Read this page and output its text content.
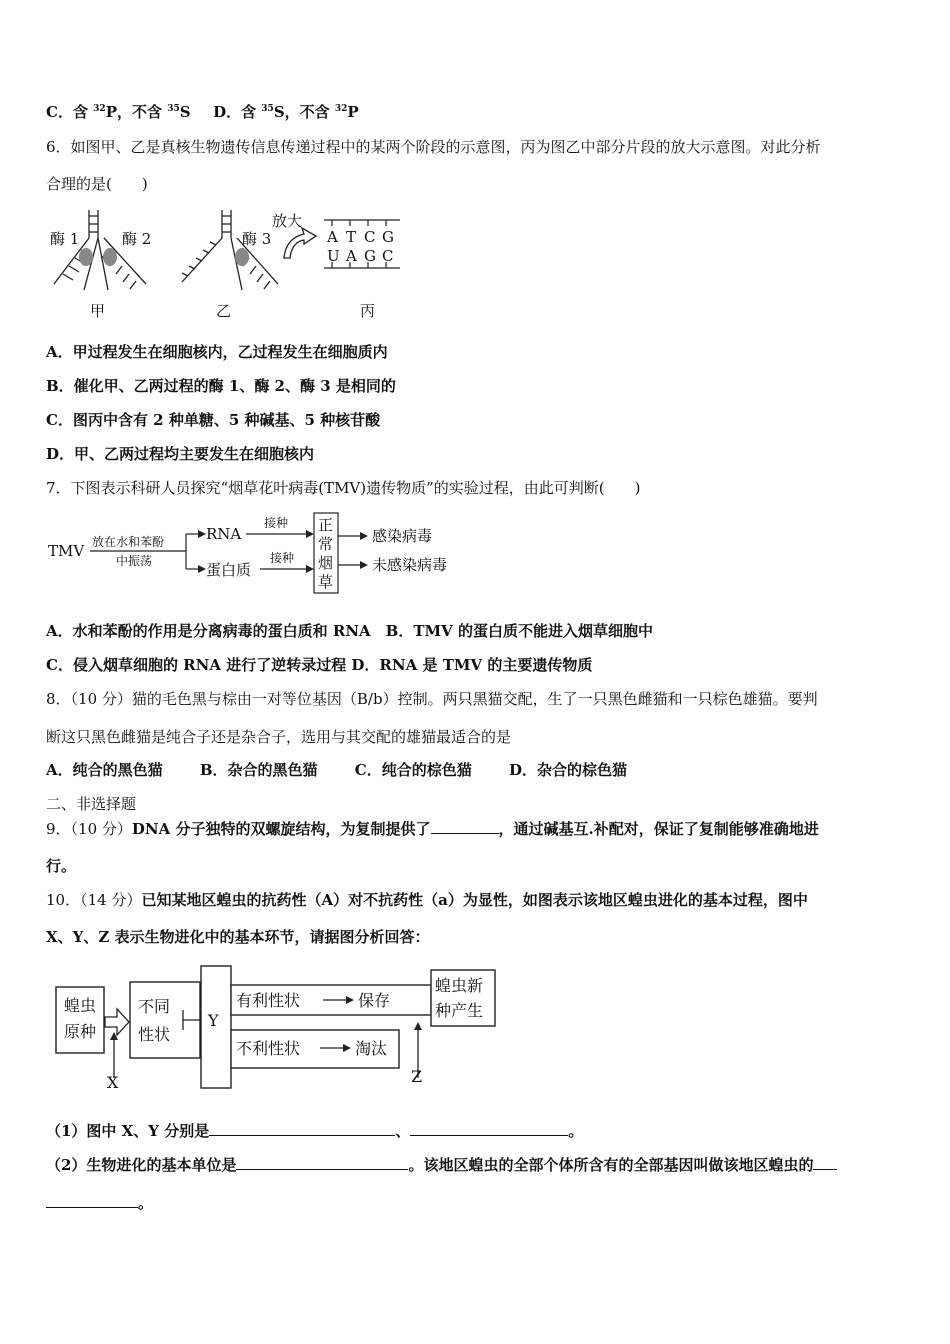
C．含 $^{32}$P，不含 $^{35}$S D．含 $^{35}$S，不含 $^{32}$P
6．如图甲、乙是真核生物遗传信息传递过程中的某两个阶段的示意图，丙为图乙中部分片段的放大示意图。对此分析
合理的是(　　)
酶 1	酶 2
甲
酶 3
乙
放大
A T C G
U A G C
丙
A．甲过程发生在细胞核内，乙过程发生在细胞质内
B．催化甲、乙两过程的酶 1、酶 2、酶 3 是相同的
C．图丙中含有 2 种单糖、5 种碱基、5 种核苷酸
D．甲、乙两过程均主要发生在细胞核内
7．下图表示科研人员探究“烟草花叶病毒(TMV)遗传物质”的实验过程，由此可判断(　　)
TMV 放在水和苯酚
中振荡
RNA
蛋白质
接种
接种
正
常
烟
草
感染病毒
未感染病毒
A．水和苯酚的作用是分离病毒的蛋白质和 RNA　B．TMV 的蛋白质不能进入烟草细胞中
C．侵入烟草细胞的 RNA 进行了逆转录过程 D．RNA 是 TMV 的主要遗传物质
8．（10 分）猫的毛色黑与棕由一对等位基因（B/b）控制。两只黑猫交配，生了一只黑色雌猫和一只棕色雄猫。要判
断这只黑色雌猫是纯合子还是杂合子，选用与其交配的雄猫最适合的是
A．纯合的黑色猫 B．杂合的黑色猫 C．纯合的棕色猫 D．杂合的棕色猫
二、非选择题
9．（10 分）DNA 分子独特的双螺旋结构，为复制提供了	，通过碱基互.补配对，保证了复制能够准确地进
行。
10．（14 分）已知某地区蝗虫的抗药性（A）对不抗药性（a）为显性，如图表示该地区蝗虫进化的基本过程，图中
X、Y、Z 表示生物进化中的基本环节，请据图分析回答：
蝗虫
原种
不同
性状
Y
有利性状	保存
不利性状	淘汰
蝗虫新
种产生
X	Z
（1）图中 X、Y 分别是	、	。
（2）生物进化的基本单位是	。该地区蝗虫的全部个体所含有的全部基因叫做该地区蝗虫的
。
